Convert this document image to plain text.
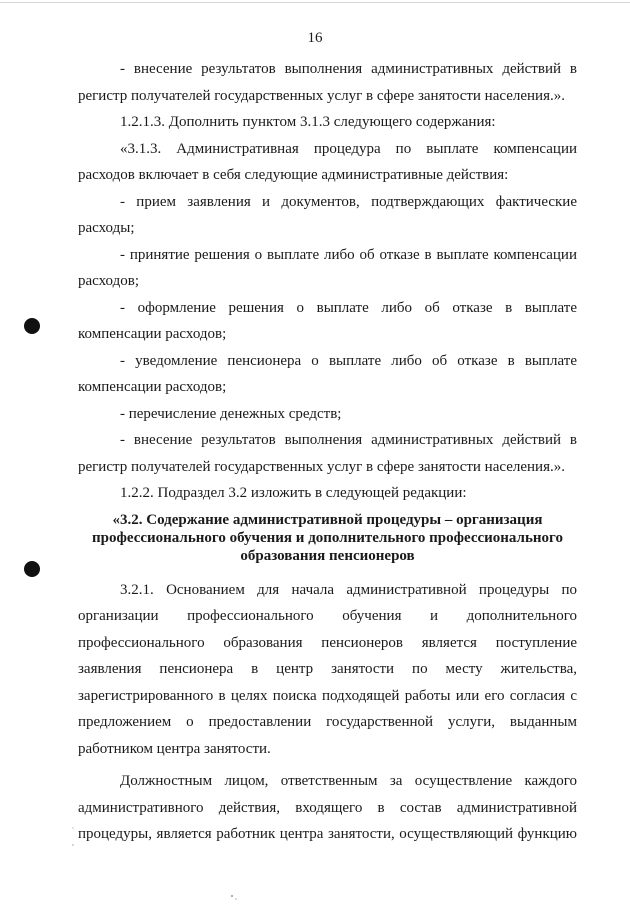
16

- внесение результатов выполнения административных действий в регистр получателей государственных услуг в сфере занятости населения.».

1.2.1.3. Дополнить пунктом 3.1.3 следующего содержания:

«3.1.3. Административная процедура по выплате компенсации расходов включает в себя следующие административные действия:

- прием заявления и документов, подтверждающих фактические расходы;

- принятие решения о выплате либо об отказе в выплате компенсации расходов;

- оформление решения о выплате либо об отказе в выплате компенсации расходов;

- уведомление пенсионера о выплате либо об отказе в выплате компенсации расходов;

- перечисление денежных средств;

- внесение результатов выполнения административных действий в регистр получателей государственных услуг в сфере занятости населения.».

1.2.2. Подраздел 3.2 изложить в следующей редакции:

«3.2. Содержание административной процедуры – организация профессионального обучения и дополнительного профессионального образования пенсионеров

3.2.1. Основанием для начала административной процедуры по организации профессионального обучения и дополнительного профессионального образования пенсионеров является поступление заявления пенсионера в центр занятости по месту жительства, зарегистрированного в целях поиска подходящей работы или его согласия с предложением о предоставлении государственной услуги, выданным работником центра занятости.

Должностным лицом, ответственным за осуществление каждого административного действия, входящего в состав административной процедуры, является работник центра занятости, осуществляющий функцию
